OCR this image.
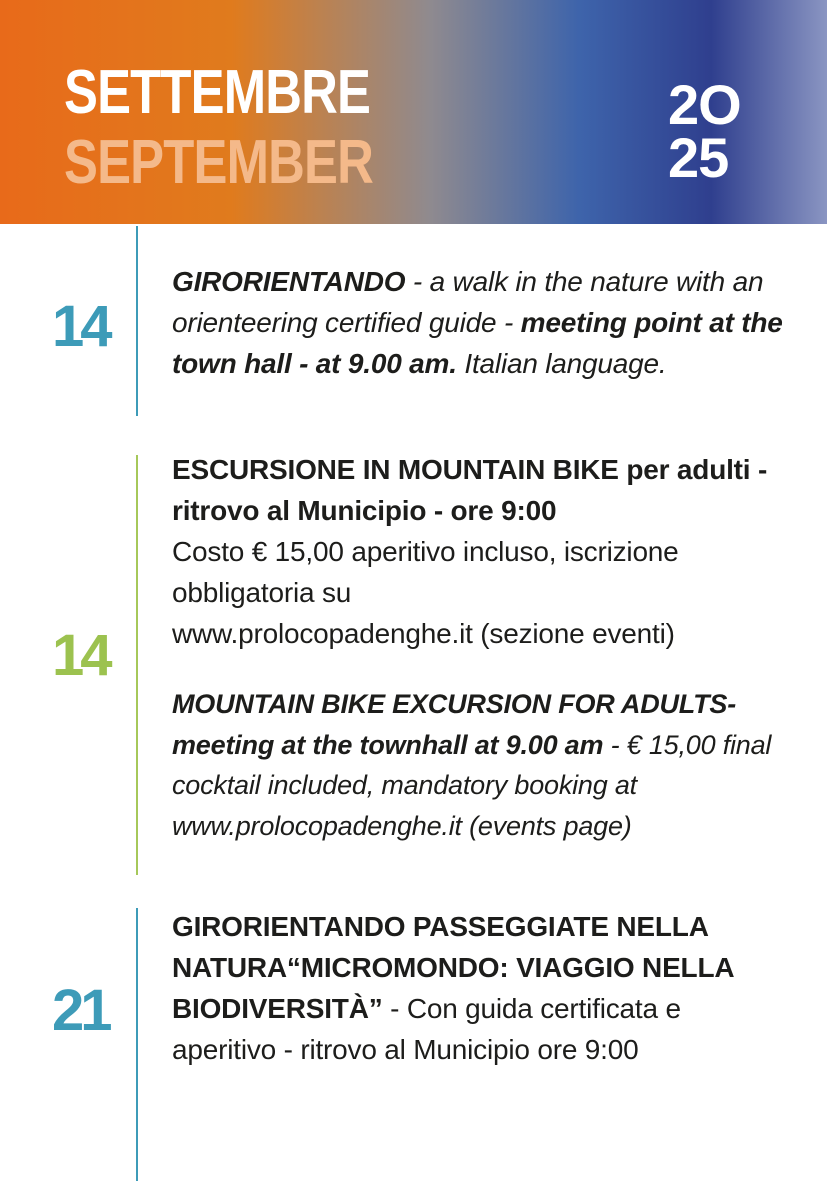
SETTEMBRE
SEPTEMBER
2O
25
14

GIRORIENTANDO - a walk in the nature with an orienteering certified guide - meeting point at the town hall - at 9.00 am. Italian language.

14

ESCURSIONE IN MOUNTAIN BIKE per adulti - ritrovo al Municipio - ore 9:00
Costo € 15,00 aperitivo incluso, iscrizione obbligatoria su
www.prolocopadenghe.it (sezione eventi)

MOUNTAIN BIKE EXCURSION FOR ADULTS- meeting at the townhall at 9.00 am - € 15,00 final cocktail included, mandatory booking at
www.prolocopadenghe.it (events page)

21

GIRORIENTANDO PASSEGGIATE NELLA NATURA“MICROMONDO: VIAGGIO NELLA BIODIVERSITÀ” - Con guida certificata e aperitivo - ritrovo al Municipio ore 9:00
